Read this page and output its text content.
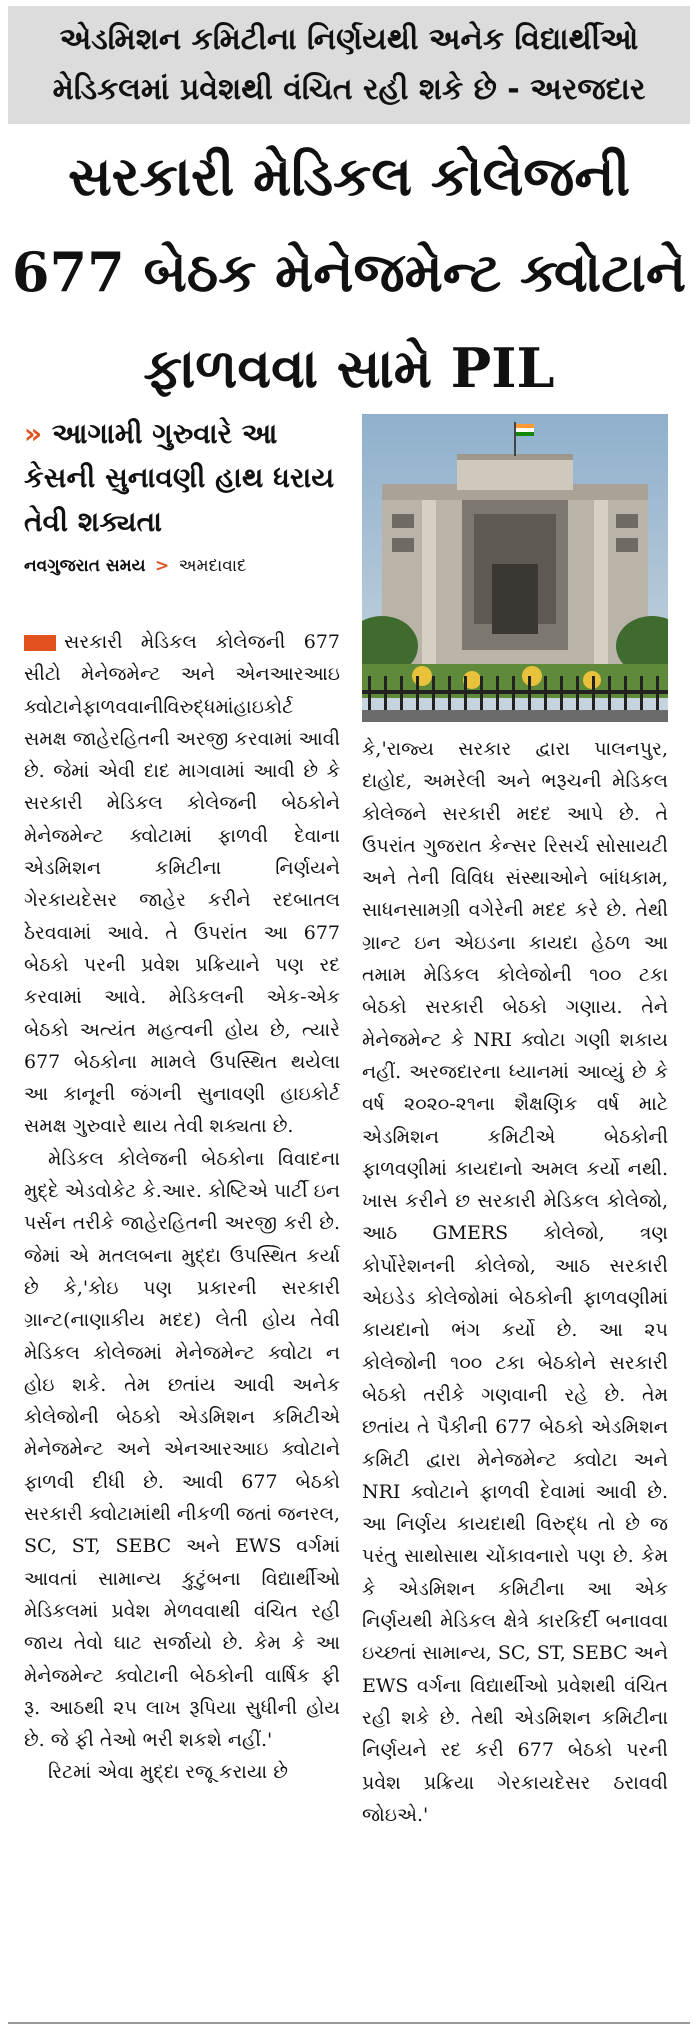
એડમિશન કમિટીના નિર્ણયથી અનેક વિદ્યાર્થીઓ
મેડિકલમાં પ્રવેશથી વંચિત રહી શકે છે - અરજદાર
સરકારી મેડિકલ કોલેજની
677 બેઠક મેનેજમેન્ટ ક્વોટાને
ફાળવવા સામે PIL
» આગામી ગુરુવારે આ કેસની સુનાવણી હાથ ધરાય તેવી શક્યતા
નવગુજરાત સમય > અમદાવાદ

સરકારી મેડિકલ કોલેજની 677 સીટો મેનેજમેન્ટ અને એનઆરઆઇ ક્વોટાનેફાળવવાનીવિરુદ્ધમાંહાઇકોર્ટ સમક્ષ જાહેરહિતની અરજી કરવામાં આવી છે. જેમાં એવી દાદ માગવામાં આવી છે કે સરકારી મેડિકલ કોલેજની બેઠકોને મેનેજમેન્ટ ક્વોટામાં ફાળવી દેવાના એડમિશન કમિટીના નિર્ણયને ગેરકાયદેસર જાહેર કરીને રદબાતલ ઠેરવવામાં આવે. તે ઉપરાંત આ 677 બેઠકો પરની પ્રવેશ પ્રક્રિયાને પણ રદ કરવામાં આવે. મેડિકલની એક-એક બેઠકો અત્યંત મહત્વની હોય છે, ત્યારે 677 બેઠકોના મામલે ઉપસ્થિત થયેલા આ કાનૂની જંગની સુનાવણી હાઇકોર્ટ સમક્ષ ગુરુવારે થાય તેવી શક્યતા છે.

મેડિકલ કોલેજની બેઠકોના વિવાદના મુદ્દે એડવોકેટ કે.આર. કોષ્ટિએ પાર્ટી ઇન પર્સન તરીકે જાહેરહિતની અરજી કરી છે. જેમાં એ મતલબના મુદ્દા ઉપસ્થિત કર્યા છે કે,'કોઇ પણ પ્રકારની સરકારી ગ્રાન્ટ(નાણાકીય મદદ) લેતી હોય તેવી મેડિકલ કોલેજમાં મેનેજમેન્ટ ક્વોટા ન હોઇ શકે. તેમ છતાંય આવી અનેક કોલેજોની બેઠકો એડમિશન કમિટીએ મેનેજમેન્ટ અને એનઆરઆઇ ક્વોટાને ફાળવી દીધી છે. આવી 677 બેઠકો સરકારી ક્વોટામાંથી નીકળી જતાં જનરલ, SC, ST, SEBC અને EWS વર્ગમાં આવતાં સામાન્ય કુટુંબના વિદ્યાર્થીઓ મેડિકલમાં પ્રવેશ મેળવવાથી વંચિત રહી જાય તેવો ઘાટ સર્જાયો છે. કેમ કે આ મેનેજમેન્ટ ક્વોટાની બેઠકોની વાર્ષિક ફી રૂ. આઠથી ૨૫ લાખ રૂપિયા સુધીની હોય છે. જે ફી તેઓ ભરી શકશે નહીં.'

રિટમાં એવા મુદ્દા રજૂ કરાયા છે

કે,'રાજ્ય સરકાર દ્વારા પાલનપુર, દાહોદ, અમરેલી અને ભરૂચની મેડિકલ કોલેજને સરકારી મદદ આપે છે. તે ઉપરાંત ગુજરાત કેન્સર રિસર્ચ સોસાયટી અને તેની વિવિધ સંસ્થાઓને બાંધકામ, સાધનસામગ્રી વગેરેની મદદ કરે છે. તેથી ગ્રાન્ટ ઇન એઇડના કાયદા હેઠળ આ તમામ મેડિકલ કોલેજોની ૧૦૦ ટકા બેઠકો સરકારી બેઠકો ગણાય. તેને મેનેજમેન્ટ કે NRI ક્વોટા ગણી શકાય નહીં. અરજદારના ધ્યાનમાં આવ્યું છે કે વર્ષ ૨૦૨૦-૨૧ના શૈક્ષણિક વર્ષ માટે એડમિશન કમિટીએ બેઠકોની ફાળવણીમાં કાયદાનો અમલ કર્યો નથી. ખાસ કરીને છ સરકારી મેડિકલ કોલેજો, આઠ GMERS કોલેજો, ત્રણ કોર્પોરેશનની કોલેજો, આઠ સરકારી એઇડેડ કોલેજોમાં બેઠકોની ફાળવણીમાં કાયદાનો ભંગ કર્યો છે. આ ૨૫ કોલેજોની ૧૦૦ ટકા બેઠકોને સરકારી બેઠકો તરીકે ગણવાની રહે છે. તેમ છતાંય તે પૈકીની 677 બેઠકો એડમિશન કમિટી દ્વારા મેનેજમેન્ટ ક્વોટા અને NRI ક્વોટાને ફાળવી દેવામાં આવી છે. આ નિર્ણય કાયદાથી વિરુદ્ધ તો છે જ પરંતુ સાથોસાથ ચોંકાવનારો પણ છે. કેમ કે એડમિશન કમિટીના આ એક નિર્ણયથી મેડિકલ ક્ષેત્રે કારકિર્દી બનાવવા ઇચ્છતાં સામાન્ય, SC, ST, SEBC અને EWS વર્ગના વિદ્યાર્થીઓ પ્રવેશથી વંચિત રહી શકે છે. તેથી એડમિશન કમિટીના નિર્ણયને રદ કરી 677 બેઠકો પરની પ્રવેશ પ્રક્રિયા ગેરકાયદેસર ઠરાવવી જોઇએ.'
